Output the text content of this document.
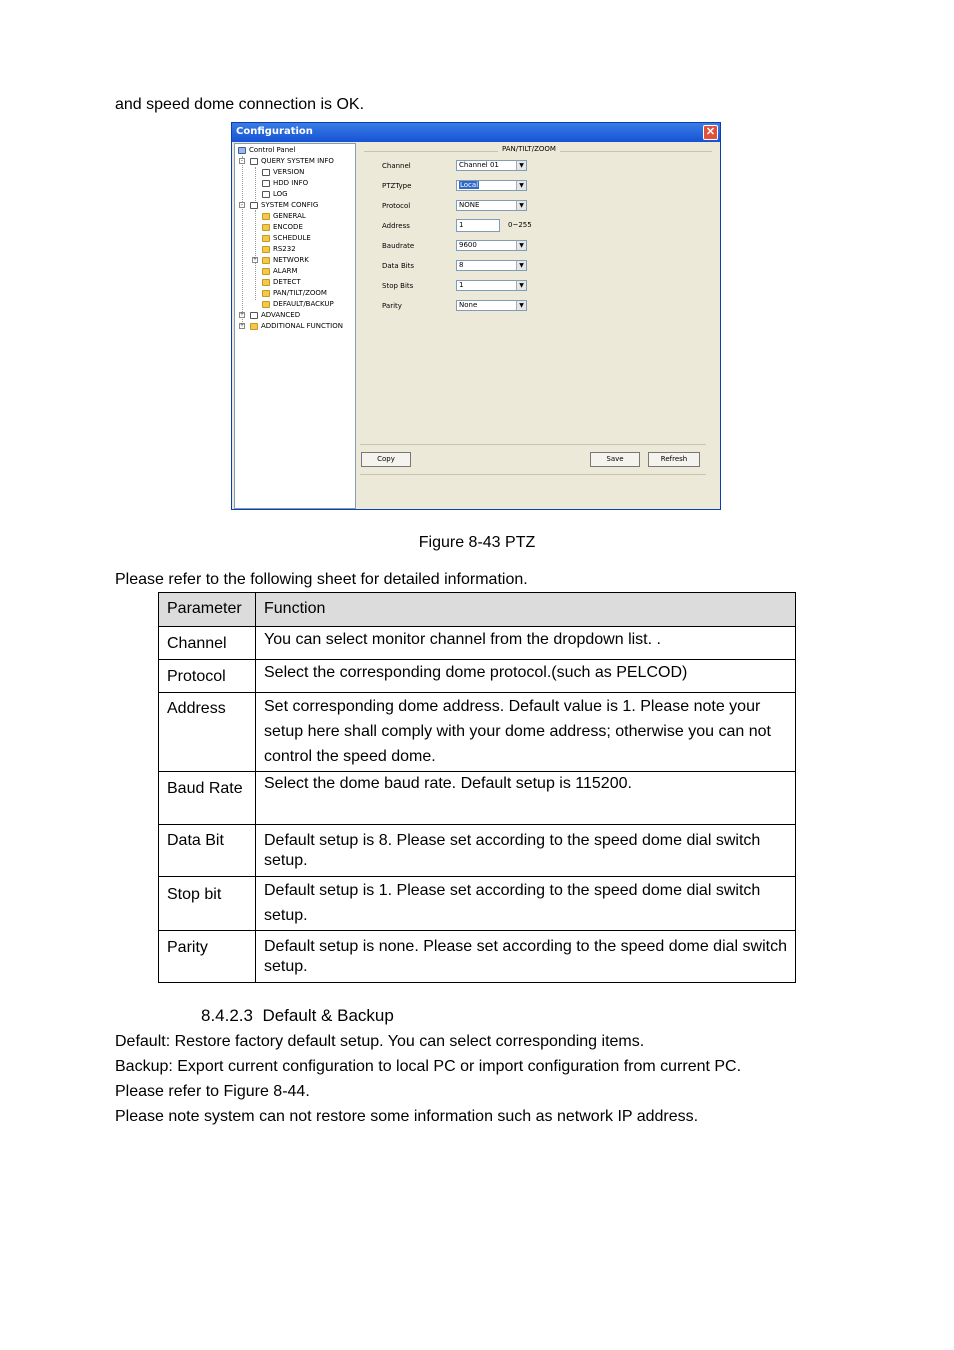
and speed dome connection is OK.
Configuration	✕
Control Panel
-	QUERY SYSTEM INFO
VERSION
HDD INFO
LOG
-	SYSTEM CONFIG
GENERAL
ENCODE
SCHEDULE
RS232
+	NETWORK
ALARM
DETECT
PAN/TILT/ZOOM
DEFAULT/BACKUP
+	ADVANCED
+	ADDITIONAL FUNCTION
PAN/TILT/ZOOM
Channel	Channel 01	▼
PTZType	Local	▼
Protocol	NONE	▼
Address	1	0~255
Baudrate	9600	▼
Data Bits	8	▼
Stop Bits	1	▼
Parity	None	▼
Copy	Save	Refresh
Figure 8-43 PTZ
Please refer to the following sheet for detailed information.
Parameter	Function
Channel	You can select monitor channel from the dropdown list. .
Protocol	Select the corresponding dome protocol.(such as PELCOD)
Address	Set corresponding dome address. Default value is 1. Please note your setup here shall comply with your dome address; otherwise you can not control the speed dome.
Baud Rate	Select the dome baud rate. Default setup is 115200.
Data Bit	Default setup is 8. Please set according to the speed dome dial switch setup.
Stop bit	Default setup is 1. Please set according to the speed dome dial switch setup.
Parity	Default setup is none. Please set according to the speed dome dial switch setup.
8.4.2.3 Default & Backup
Default: Restore factory default setup. You can select corresponding items.
Backup: Export current configuration to local PC or import configuration from current PC.
Please refer to Figure 8-44.
Please note system can not restore some information such as network IP address.
